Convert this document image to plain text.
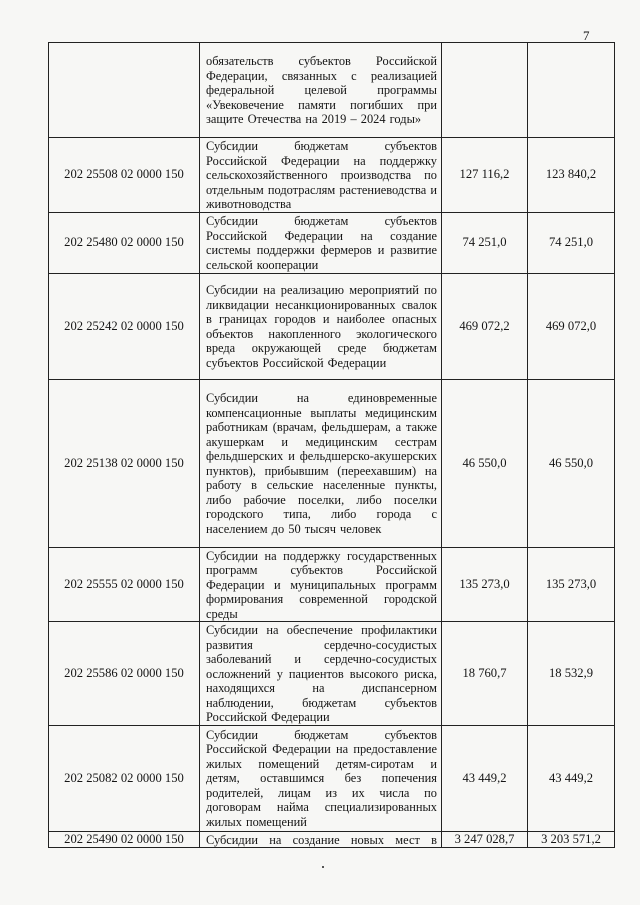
7

	обязательств субъектов Российской Федерации, связанных с реализацией федеральной целевой программы «Увековечение памяти погибших при защите Отечества на 2019 – 2024 годы»		

202 25508 02 0000 150	Субсидии бюджетам субъектов Российской Федерации на поддержку сельскохозяйственного производства по отдельным подотраслям растениеводства и животноводства	127 116,2	123 840,2
202 25480 02 0000 150	Субсидии бюджетам субъектов Российской Федерации на создание системы поддержки фермеров и развитие сельской кооперации	74 251,0	74 251,0
202 25242 02 0000 150	Субсидии на реализацию мероприятий по ликвидации несанкционированных свалок в границах городов и наиболее опасных объектов накопленного экологического вреда окружающей среде бюджетам субъектов Российской Федерации	469 072,2	469 072,0
202 25138 02 0000 150	Субсидии на единовременные компенсационные выплаты медицинским работникам (врачам, фельдшерам, а также акушеркам и медицинским сестрам фельдшерских и фельдшерско-акушерских пунктов), прибывшим (переехавшим) на работу в сельские населенные пункты, либо рабочие поселки, либо поселки городского типа, либо города с населением до 50 тысяч человек	46 550,0	46 550,0
202 25555 02 0000 150	Субсидии на поддержку государственных программ субъектов Российской Федерации и муниципальных программ формирования современной городской среды	135 273,0	135 273,0
202 25586 02 0000 150	Субсидии на обеспечение профилактики развития сердечно-сосудистых заболеваний и сердечно-сосудистых осложнений у пациентов высокого риска, находящихся на диспансерном наблюдении, бюджетам субъектов Российской Федерации	18 760,7	18 532,9
202 25082 02 0000 150	Субсидии бюджетам субъектов Российской Федерации на предоставление жилых помещений детям-сиротам и детям, оставшимся без попечения родителей, лицам из их числа по договорам найма специализированных жилых помещений	43 449,2	43 449,2
202 25490 02 0000 150	Субсидии на создание новых мест в	3 247 028,7	3 203 571,2
